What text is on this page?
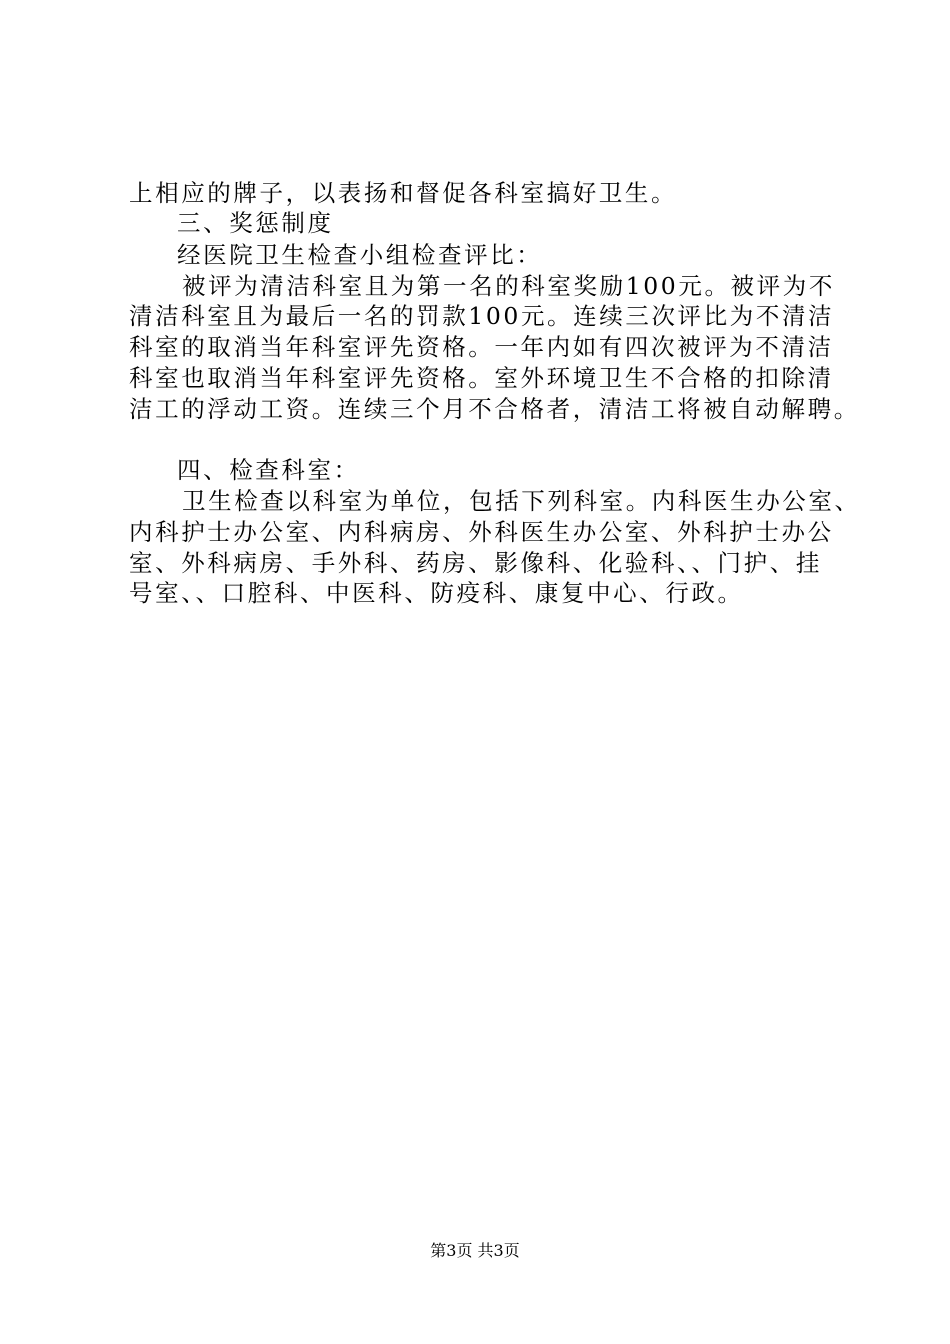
上相应的牌子，以表扬和督促各科室搞好卫生。
三、奖惩制度
经医院卫生检查小组检查评比：
被评为清洁科室且为第一名的科室奖励100元。被评为不
清洁科室且为最后一名的罚款100元。连续三次评比为不清洁
科室的取消当年科室评先资格。一年内如有四次被评为不清洁
科室也取消当年科室评先资格。室外环境卫生不合格的扣除清
洁工的浮动工资。连续三个月不合格者，清洁工将被自动解聘。
四、检查科室：
卫生检查以科室为单位，包括下列科室。内科医生办公室、
内科护士办公室、内科病房、外科医生办公室、外科护士办公
室、外科病房、手外科、药房、影像科、化验科、、门护、挂
号室、、口腔科、中医科、防疫科、康复中心、行政。
第3页 共3页
